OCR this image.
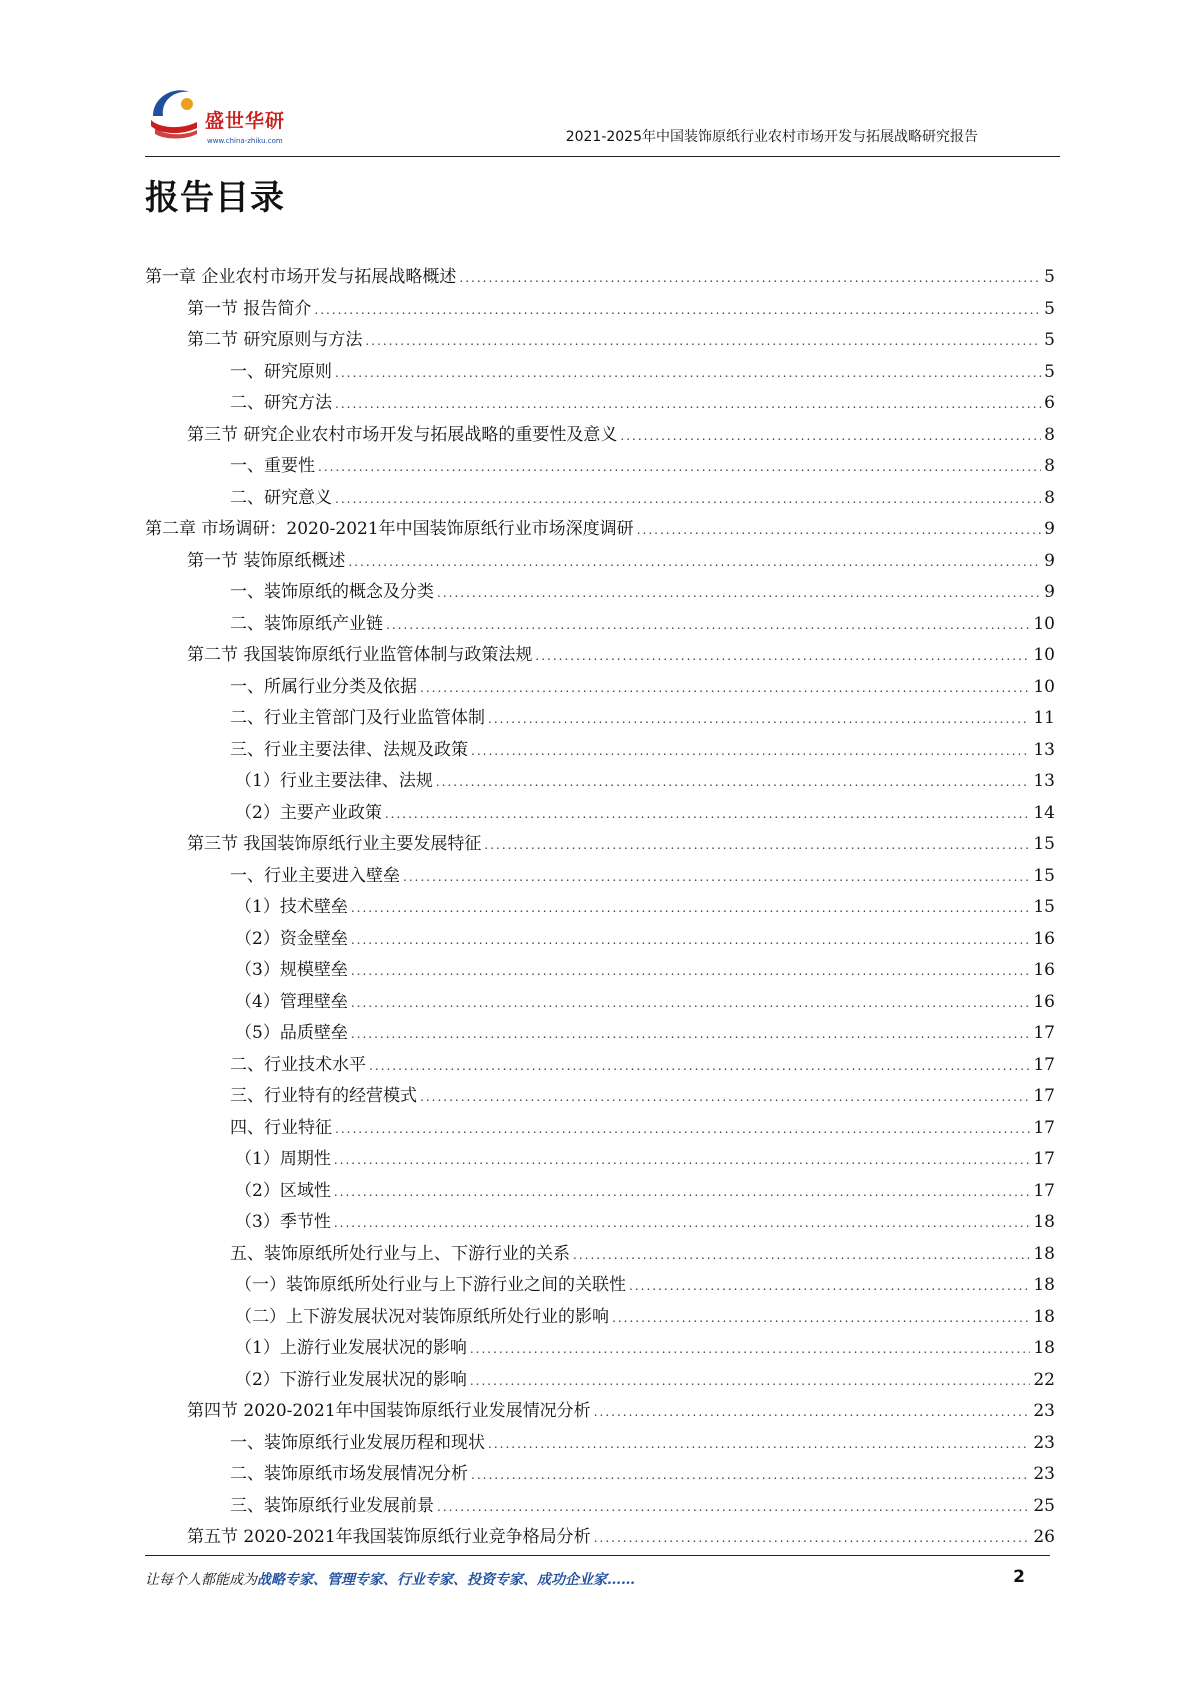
盛世华研
www.china-zhiku.com	2021-2025年中国装饰原纸行业农村市场开发与拓展战略研究报告
报告目录
第一章 企业农村市场开发与拓展战略概述 .....	5
第一节 报告简介 .....	5
第二节 研究原则与方法 .....	5
一、研究原则 .....	5
二、研究方法 .....	6
第三节 研究企业农村市场开发与拓展战略的重要性及意义 .....	8
一、重要性 .....	8
二、研究意义 .....	8
第二章 市场调研：2020-2021年中国装饰原纸行业市场深度调研 .....	9
第一节 装饰原纸概述 .....	9
一、装饰原纸的概念及分类 .....	9
二、装饰原纸产业链 .....	10
第二节 我国装饰原纸行业监管体制与政策法规 .....	10
一、所属行业分类及依据 .....	10
二、行业主管部门及行业监管体制 .....	11
三、行业主要法律、法规及政策 .....	13
（1）行业主要法律、法规 .....	13
（2）主要产业政策 .....	14
第三节 我国装饰原纸行业主要发展特征 .....	15
一、行业主要进入壁垒 .....	15
（1）技术壁垒 .....	15
（2）资金壁垒 .....	16
（3）规模壁垒 .....	16
（4）管理壁垒 .....	16
（5）品质壁垒 .....	17
二、行业技术水平 .....	17
三、行业特有的经营模式 .....	17
四、行业特征 .....	17
（1）周期性 .....	17
（2）区域性 .....	17
（3）季节性 .....	18
五、装饰原纸所处行业与上、下游行业的关系 .....	18
（一）装饰原纸所处行业与上下游行业之间的关联性 .....	18
（二）上下游发展状况对装饰原纸所处行业的影响 .....	18
（1）上游行业发展状况的影响 .....	18
（2）下游行业发展状况的影响 .....	22
第四节 2020-2021年中国装饰原纸行业发展情况分析 .....	23
一、装饰原纸行业发展历程和现状 .....	23
二、装饰原纸市场发展情况分析 .....	23
三、装饰原纸行业发展前景 .....	25
第五节 2020-2021年我国装饰原纸行业竞争格局分析 .....	26
让每个人都能成为战略专家、管理专家、行业专家、投资专家、成功企业家……	2
